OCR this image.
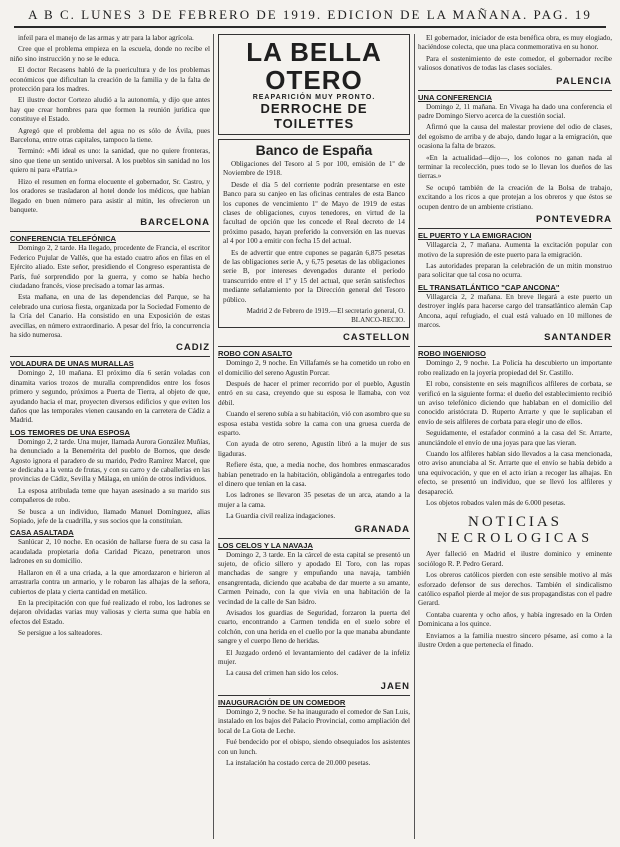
A B C. LUNES 3 DE FEBRERO DE 1919. EDICION DE LA MAÑANA. PAG. 19

infeil para el manejo de las armas y atr para la labor agrícola.

Cree que el problema empieza en la escuela, donde no recibe el niño sino instrucción y no se le educa.

El doctor Recasens habló de la puericultura y de los problemas económicos que dificultan la creación de la familia y de la falta de protección para los madres.

El ilustre doctor Cortezo aludió a la autonomía, y dijo que antes hay que crear hombres para que formen la reunión jurídica que constituye el Estado.

Agregó que el problema del agua no es sólo de Ávila, pues Barcelona, entre otras capitales, tampoco la tiene.

Terminó: «Mi ideal es uno: la sanidad, que no quiere fronteras, sino que tiene un sentido universal. A los pueblos sin sanidad no los quiero ni para «Patria.»

Hizo el resumen en forma elocuente el gobernador, Sr. Castro, y los oradores se trasladaron al hotel donde los médicos, que habían llegado en buen número para asistir al mitin, les ofrecieron un banquete.

BARCELONA
CONFERENCIA TELEFÓNICA

Domingo 2, 2 tarde. Ha llegado, procedente de Francia, el escritor Federico Pujular de Vallés, que ha estado cuatro años en filas en el Ejército aliado. Este señor, presidiendo el Congreso esperantista de París, fué sorprendido por la guerra, y como se había hecho ciudadano francés, viose precisado a tomar las armas.

Esta mañana, en una de las dependencias del Parque, se ha celebrado una curiosa fiesta, organizada por la Sociedad Fomento de la Cría del Canario. Ha consistido en una Exposición de estas avecillas, en número extraordinario. A pesar del frío, la concurrencia ha sido numerosa.

CADIZ
VOLADURA DE UNAS MURALLAS

Domingo 2, 10 mañana. El próximo día 6 serán voladas con dinamita varios trozos de muralla comprendidos entre los fosos primero y segundo, próximos a Puerta de Tierra, al objeto de que, ayudando hacia el mar, proyecten diversos edificios y que eviten los daños que las temporales vienen causando en la carretera de Cádiz a Madrid.

LOS TEMORES DE UNA ESPOSA

Domingo 2, 2 tarde. Una mujer, llamada Aurora González Muñías, ha denunciado a la Benemérita del pueblo de Bornos, que desde Agosto ignora el paradero de su marido, Pedro Ramírez Marcel, que se dedicaba a la venta de frutas, y con su carro y de caballerías en las provincias de Cádiz, Sevilla y Málaga, en unión de otros individuos.

La esposa atribulada teme que hayan asesinado a su marido sus compañeros de robo.

Se busca a un individuo, llamado Manuel Domínguez, alias Sopiado, jefe de la cuadrilla, y sus socios que la constituían.

CASA ASALTADA

Sanlúcar 2, 10 noche. En ocasión de hallarse fuera de su casa la acaudalada propietaria doña Caridad Picazo, penetraron unos ladrones en su domicilio.

Hallaron en él a una criada, a la que amordazaron e hirieron al arrastrarla contra un armario, y le robaron las alhajas de la señora, cubiertos de plata y cierta cantidad en metálico.

En la precipitación con que fué realizado el robo, los ladrones se dejaron olvidadas varias muy valiosas y cierta suma que había en efectos del Estado.

Se persigue a los salteadores.

LA BELLA OTERO
REAPARICIÓN MUY PRONTO.
DERROCHE DE TOILETTES
Banco de España

Obligaciones del Tesoro al 5 por 100, emisión de 1º de Noviembre de 1918.

Desde el día 5 del corriente podrán presentarse en este Banco para su canjeo en las oficinas centrales de esta Banco los cupones de vencimiento 1º de Mayo de 1919 de estas clases de obligaciones, cuyos tenedores, en virtud de la facultad de opción que les concede el Real decreto de 14 próximo pasado, hayan preferido la conversión en las nuevas al 4 por 100 a emitir con fecha 15 del actual.

Es de advertir que entre cupones se pagarán 6,875 pesetas de las obligaciones serie A, y 6,75 pesetas de las obligaciones serie B, por intereses devengados durante el período transcurrido entre el 1º y 15 del actual, que serán satisfechos mediante señalamiento por la Dirección general del Tesoro público.

Madrid 2 de Febrero de 1919.—El secretario general, O. BLANCO-RECIO.
CASTELLON
ROBO CON ASALTO

Domingo 2, 9 noche. En Villafamés se ha cometido un robo en el domicilio del sereno Agustín Porcar.

Después de hacer el primer recorrido por el pueblo, Agustín entró en su casa, creyendo que su esposa le llamaba, con voz débil.

Cuando el sereno subía a su habitación, vió con asombro que su esposa estaba vestida sobre la cama con una gruesa cuerda de esparto.

Con ayuda de otro sereno, Agustín libró a la mujer de sus ligaduras.

Refiere ésta, que, a media noche, dos hombres enmascarados habían penetrado en la habitación, obligándola a entregarles todo el dinero que tenían en la casa.

Los ladrones se llevaron 35 pesetas de un arca, atando a la mujer a la cama.

La Guardia civil realiza indagaciones.

GRANADA
LOS CELOS Y LA NAVAJA

Domingo 2, 3 tarde. En la cárcel de esta capital se presentó un sujeto, de oficio sillero y apodado El Toro, con las ropas manchadas de sangre y empuñando una navaja, también ensangrentada, diciendo que acababa de dar muerte a su amante, Carmen Peinado, con la que vivía en una habitación de la vecindad de la calle de San Isidro.

Avisados los guardias de Seguridad, forzaron la puerta del cuarto, encontrando a Carmen tendida en el suelo sobre el colchón, con una herida en el cuello por la que manaba abundante sangre y el cuerpo lleno de heridas.

El Juzgado ordenó el levantamiento del cadáver de la infeliz mujer.

La causa del crimen han sido los celos.

JAEN
INAUGURACIÓN DE UN COMEDOR

Domingo 2, 9 noche. Se ha inaugurado el comedor de San Luis, instalado en los bajos del Palacio Provincial, como ampliación del local de La Gota de Leche.

Fué bendecido por el obispo, siendo obsequiados los asistentes con un lunch.

La instalación ha costado cerca de 20.000 pesetas.

El gobernador, iniciador de esta benéfica obra, es muy elogiado, haciéndose colecta, que una placa conmemorativa en su honor.

Para el sostenimiento de este comedor, el gobernador recibe valiosos donativos de todas las clases sociales.

PALENCIA
UNA CONFERENCIA

Domingo 2, 11 mañana. En Vivaga ha dado una conferencia el padre Domingo Siervo acerca de la cuestión social.

Afirmó que la causa del malestar proviene del odio de clases, del egoísmo de arriba y de abajo, dando lugar a la emigración, que ocasiona la falta de brazos.

«En la actualidad—dijo—, los colonos no ganan nada al terminar la recolección, pues todo se lo llevan los dueños de las tierras.»

Se ocupó también de la creación de la Bolsa de trabajo, excitando a los ricos a que protejan a los obreros y que éstos se ocupen dentro de un ambiente cristiano.

PONTEVEDRA
EL PUERTO Y LA EMIGRACION

Villagarcía 2, 7 mañana. Aumenta la excitación popular con motivo de la supresión de este puerto para la emigración.

Las autoridades preparan la celebración de un mitin monstruo para solicitar que tal cosa no ocurra.

EL TRANSATLÁNTICO "CAP ANCONA"

Villagarcía 2, 2 mañana. En breve llegará a este puerto un destroyer inglés para hacerse cargo del transatlántico alemán Cap Ancona, aquí refugiado, el cual está valuado en 10 millones de marcos.

SANTANDER
ROBO INGENIOSO

Domingo 2, 9 noche. La Policía ha descubierto un importante robo realizado en la joyería propiedad del Sr. Castillo.

El robo, consistente en seis magníficos alfileres de corbata, se verificó en la siguiente forma: el dueño del establecimiento recibió un aviso telefónico diciendo que hablaban en el domicilio del conocido aristócrata D. Ruperto Arrarte y que le suplicaban el envío de seis alfileres de corbata para elegir uno de ellos.

Seguidamente, el estafador conminó a la casa del Sr. Arrarte, anunciándole el envío de una joyas para que las vieran.

Cuando los alfileres habían sido llevados a la casa mencionada, otro aviso anunciaba al Sr. Arrarte que el envío se había debido a una equivocación, y que en el acto irían a recoger las alhajas. En efecto, se presentó un individuo, que se llevó los alfileres y desapareció.

Los objetos robados valen más de 6.000 pesetas.

NOTICIAS
NECROLOGICAS

Ayer falleció en Madrid el ilustre dominico y eminente sociólogo R. P. Pedro Gerard.

Los obreros católicos pierden con este sensible motivo al más esforzado defensor de sus derechos. También el sindicalismo católico español pierde al mejor de sus propagandistas con el padre Gerard.

Contaba cuarenta y ocho años, y había ingresado en la Orden Dominicana a los quince.

Enviamos a la familia nuestro sincero pésame, así como a la ilustre Orden a que pertenecía el finado.
